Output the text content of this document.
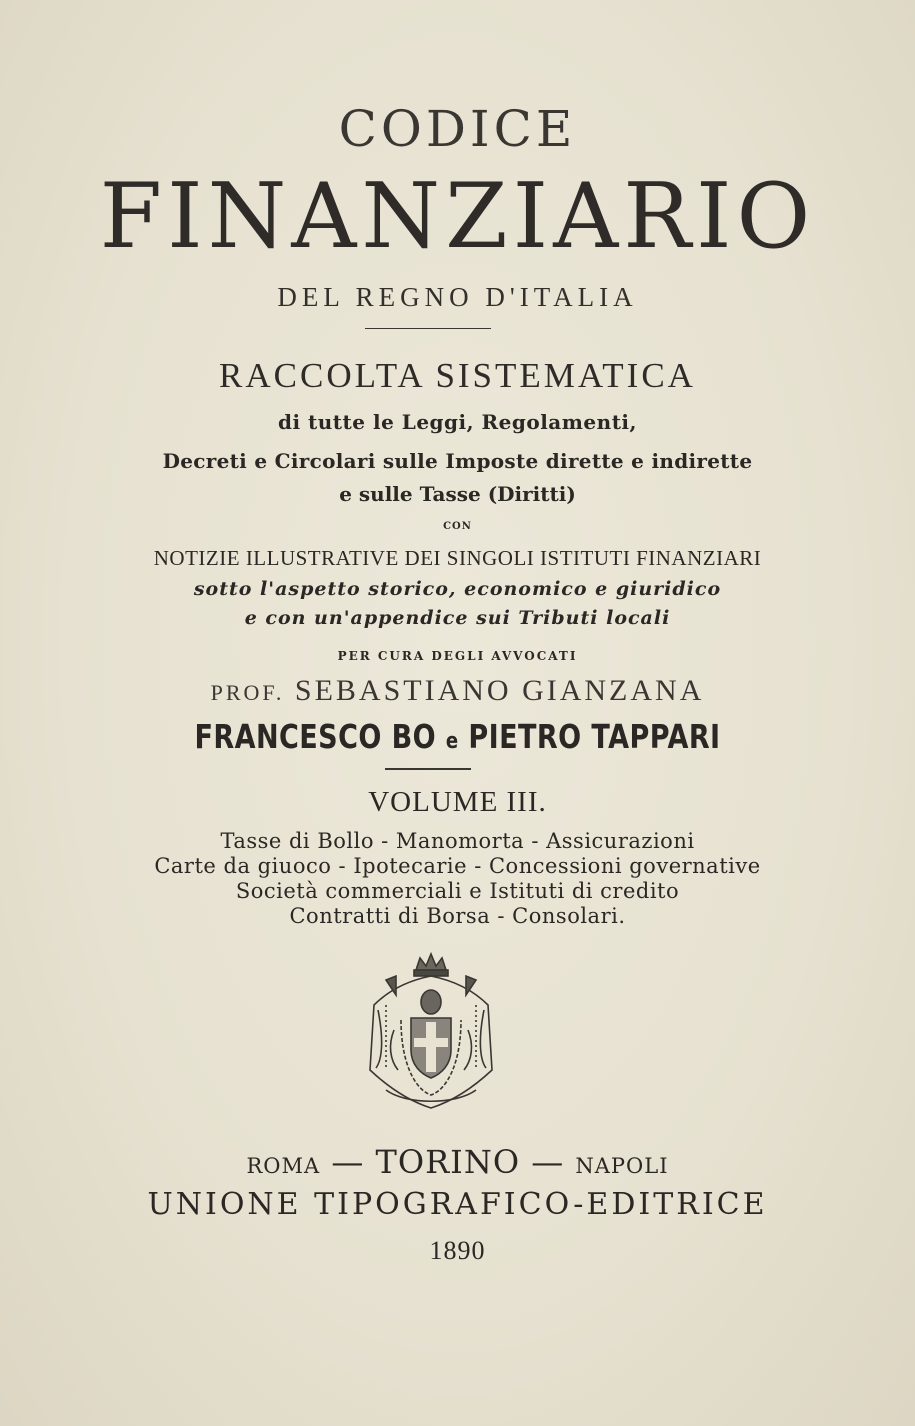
CODICE
FINANZIARIO
DEL REGNO D'ITALIA
RACCOLTA SISTEMATICA
di tutte le Leggi, Regolamenti,
Decreti e Circolari sulle Imposte dirette e indirette
e sulle Tasse (Diritti)
CON
NOTIZIE ILLUSTRATIVE DEI SINGOLI ISTITUTI FINANZIARI
sotto l'aspetto storico, economico e giuridico
e con un'appendice sui Tributi locali
PER CURA DEGLI AVVOCATI
PROF. SEBASTIANO GIANZANA
FRANCESCO BO e PIETRO TAPPARI
VOLUME III.
Tasse di Bollo - Manomorta - Assicurazioni
Carte da giuoco - Ipotecarie - Concessioni governative
Società commerciali e Istituti di credito
Contratti di Borsa - Consolari.
ROMA — TORINO — NAPOLI
UNIONE TIPOGRAFICO-EDITRICE
1890
